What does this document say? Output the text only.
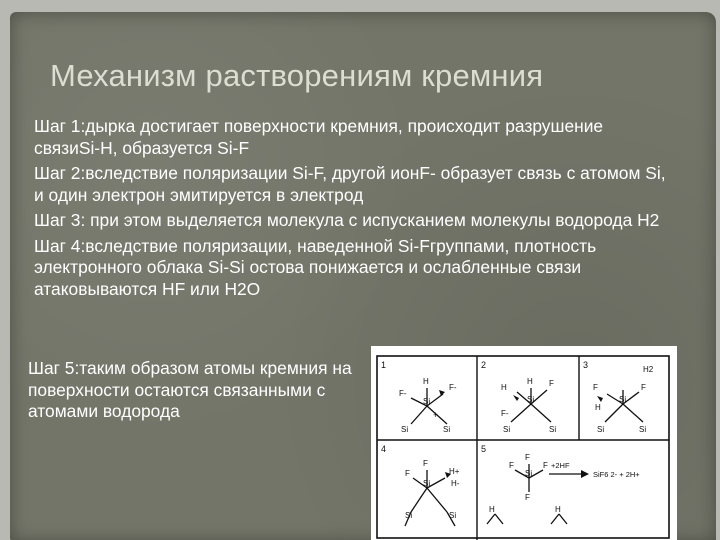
Механизм растворениям кремния
Шаг 1:дырка достигает поверхности кремния, происходит разрушение связиSi-H, образуется Si-F
Шаг 2:вследствие поляризации Si-F, другой ионF- образует связь с атомом Si, и один электрон эмитируется в электрод
Шаг 3: при этом выделяется молекула с испусканием молекулы водорода H2
Шаг 4:вследствие поляризации, наведенной Si-Fгруппами, плотность электронного облака Si-Si остова понижается и ослабленные связи атаковываются HF или H2O
Шаг 5:таким образом атомы кремния на поверхности остаются связанными с атомами водорода
1	2	3
4	5
Si
Si	Si
H
F-
F-
+
Si
Si	Si
H
H	F
F-
Si
Si	Si
H2
F	F
H
Si
F
F	H+
H-
Si	Si
Si
F
F	F
F
H	H
+2HF
SiF6 2- + 2H+
